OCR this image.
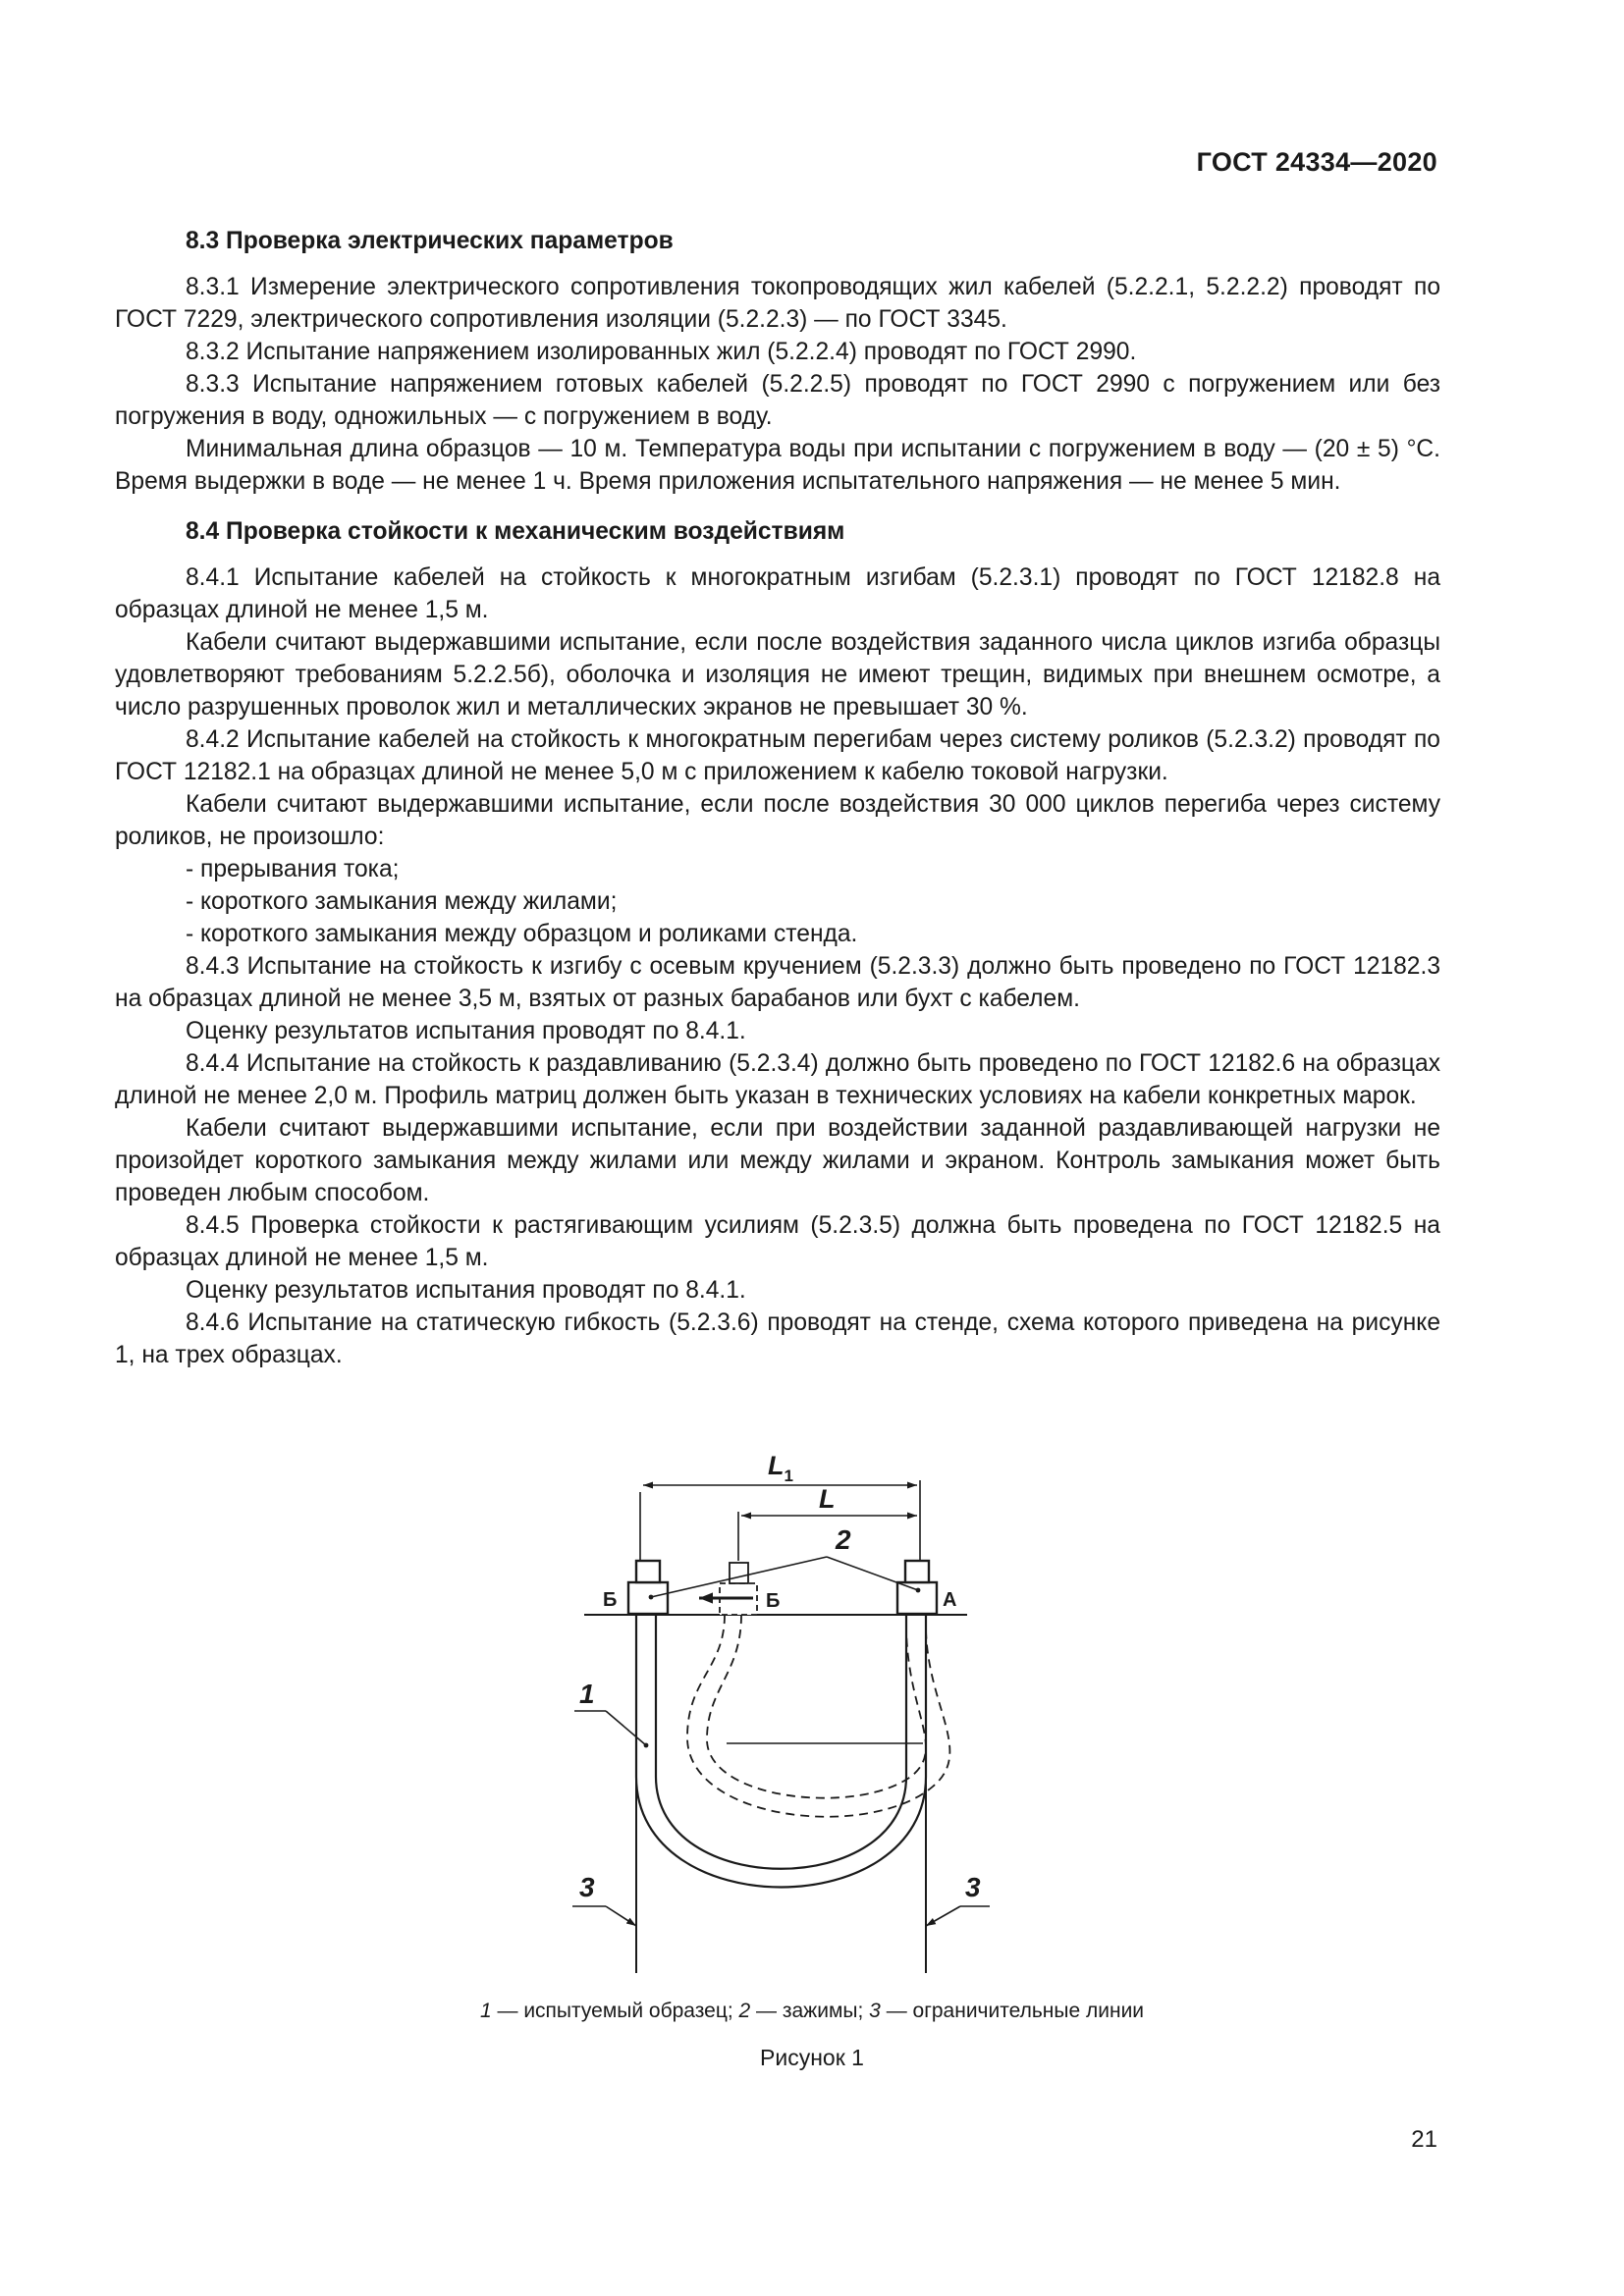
ГОСТ 24334—2020
8.3 Проверка электрических параметров

8.3.1 Измерение электрического сопротивления токопроводящих жил кабелей (5.2.2.1, 5.2.2.2) проводят по ГОСТ 7229, электрического сопротивления изоляции (5.2.2.3) — по ГОСТ 3345.

8.3.2 Испытание напряжением изолированных жил (5.2.2.4) проводят по ГОСТ 2990.

8.3.3 Испытание напряжением готовых кабелей (5.2.2.5) проводят по ГОСТ 2990 с погружением или без погружения в воду, одножильных — с погружением в воду.

Минимальная длина образцов — 10 м. Температура воды при испытании с погружением в воду — (20 ± 5) °С. Время выдержки в воде — не менее 1 ч. Время приложения испытательного напряжения — не менее 5 мин.

8.4 Проверка стойкости к механическим воздействиям

8.4.1 Испытание кабелей на стойкость к многократным изгибам (5.2.3.1) проводят по ГОСТ 12182.8 на образцах длиной не менее 1,5 м.

Кабели считают выдержавшими испытание, если после воздействия заданного числа циклов изгиба образцы удовлетворяют требованиям 5.2.2.5б), оболочка и изоляция не имеют трещин, видимых при внешнем осмотре, а число разрушенных проволок жил и металлических экранов не превышает 30 %.

8.4.2 Испытание кабелей на стойкость к многократным перегибам через систему роликов (5.2.3.2) проводят по ГОСТ 12182.1 на образцах длиной не менее 5,0 м с приложением к кабелю токовой нагрузки.

Кабели считают выдержавшими испытание, если после воздействия 30 000 циклов перегиба через систему роликов, не произошло:

- прерывания тока;
- короткого замыкания между жилами;
- короткого замыкания между образцом и роликами стенда.

8.4.3 Испытание на стойкость к изгибу с осевым кручением (5.2.3.3) должно быть проведено по ГОСТ 12182.3 на образцах длиной не менее 3,5 м, взятых от разных барабанов или бухт с кабелем.

Оценку результатов испытания проводят по 8.4.1.

8.4.4 Испытание на стойкость к раздавливанию (5.2.3.4) должно быть проведено по ГОСТ 12182.6 на образцах длиной не менее 2,0 м. Профиль матриц должен быть указан в технических условиях на кабели конкретных марок.

Кабели считают выдержавшими испытание, если при воздействии заданной раздавливающей нагрузки не произойдет короткого замыкания между жилами или между жилами и экраном. Контроль замыкания может быть проведен любым способом.

8.4.5 Проверка стойкости к растягивающим усилиям (5.2.3.5) должна быть проведена по ГОСТ 12182.5 на образцах длиной не менее 1,5 м.

Оценку результатов испытания проводят по 8.4.1.

8.4.6 Испытание на статическую гибкость (5.2.3.6) проводят на стенде, схема которого приведена на рисунке 1, на трех образцах.

$L_1$
L
Б	Б	А
2
1
3	3
1 — испытуемый образец; 2 — зажимы; 3 — ограничительные линии
Рисунок 1
21
